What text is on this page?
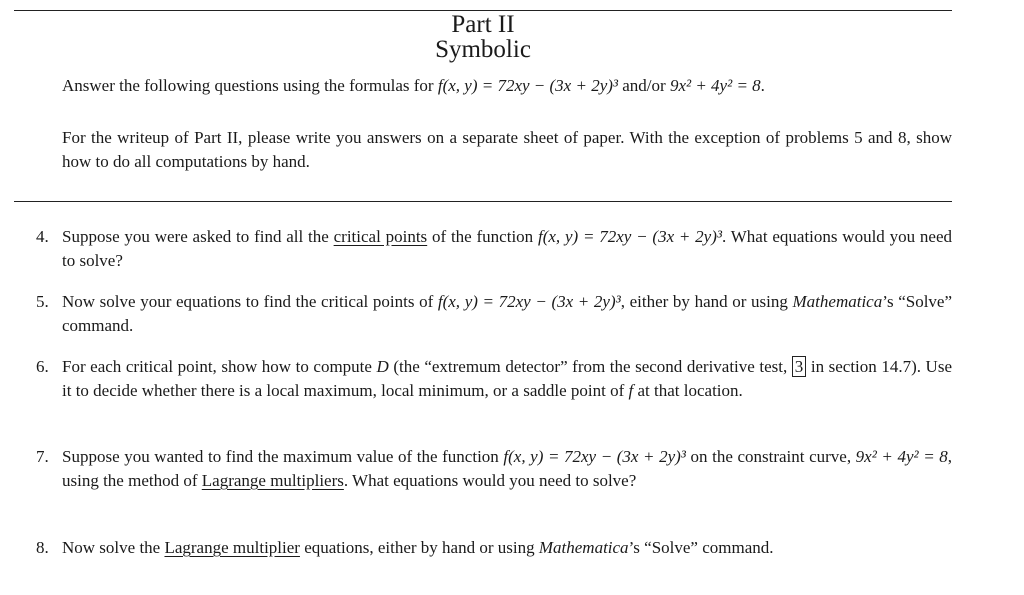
Part II
Symbolic
Answer the following questions using the formulas for f(x, y) = 72xy − (3x + 2y)³ and/or 9x² + 4y² = 8.
For the writeup of Part II, please write you answers on a separate sheet of paper. With the exception of problems 5 and 8, show how to do all computations by hand.
4. Suppose you were asked to find all the critical points of the function f(x, y) = 72xy − (3x + 2y)³. What equations would you need to solve?
5. Now solve your equations to find the critical points of f(x, y) = 72xy − (3x + 2y)³, either by hand or using Mathematica’s “Solve” command.
6. For each critical point, show how to compute D (the “extremum detector” from the second derivative test, 3 in section 14.7). Use it to decide whether there is a local maximum, local minimum, or a saddle point of f at that location.
7. Suppose you wanted to find the maximum value of the function f(x, y) = 72xy − (3x + 2y)³ on the constraint curve, 9x² + 4y² = 8, using the method of Lagrange multipliers. What equations would you need to solve?
8. Now solve the Lagrange multiplier equations, either by hand or using Mathematica’s “Solve” command.
